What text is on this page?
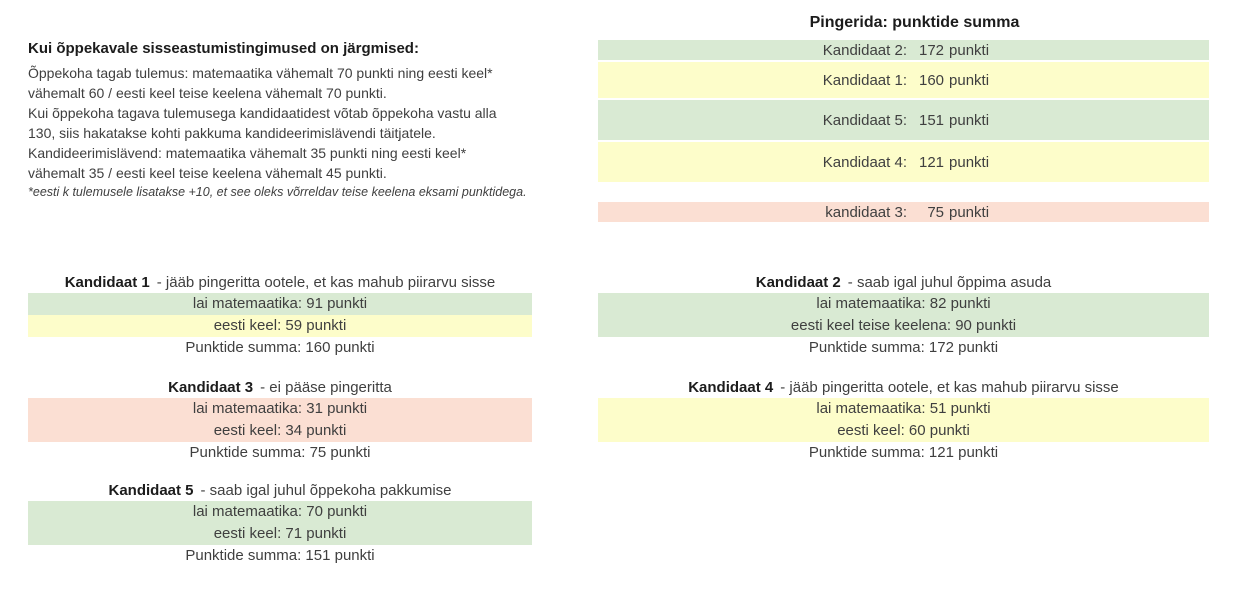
Kui õppekavale sisseastumistingimused on järgmised:
Õppekoha tagab tulemus: matemaatika vähemalt 70 punkti ning eesti keel*
vähemalt 60 / eesti keel teise keelena vähemalt 70 punkti.
Kui õppekoha tagava tulemusega kandidaatidest võtab õppekoha vastu alla
130, siis hakatakse kohti pakkuma kandideerimislävendi täitjatele.
Kandideerimislävend: matemaatika vähemalt 35 punkti ning eesti keel*
vähemalt 35 / eesti keel teise keelena vähemalt 45 punkti.
*eesti k tulemusele lisatakse +10, et see oleks võrreldav teise keelena eksami punktidega.
Pingerida: punktide summa
Kandidaat 2: 172 punkti
Kandidaat 1: 160 punkti
Kandidaat 5: 151 punkti
Kandidaat 4: 121 punkti
kandidaat 3:	75 punkti
Kandidaat 1 - jääb pingeritta ootele, et kas mahub piirarvu sisse
lai matemaatika: 91 punkti
eesti keel: 59 punkti
Punktide summa: 160 punkti
Kandidaat 2 - saab igal juhul õppima asuda
lai matemaatika: 82 punkti
eesti keel teise keelena: 90 punkti
Punktide summa: 172 punkti
Kandidaat 3 - ei pääse pingeritta
lai matemaatika: 31 punkti
eesti keel: 34 punkti
Punktide summa: 75 punkti
Kandidaat 4 - jääb pingeritta ootele, et kas mahub piirarvu sisse
lai matemaatika: 51 punkti
eesti keel: 60 punkti
Punktide summa: 121 punkti
Kandidaat 5 - saab igal juhul õppekoha pakkumise
lai matemaatika: 70 punkti
eesti keel: 71 punkti
Punktide summa: 151 punkti
